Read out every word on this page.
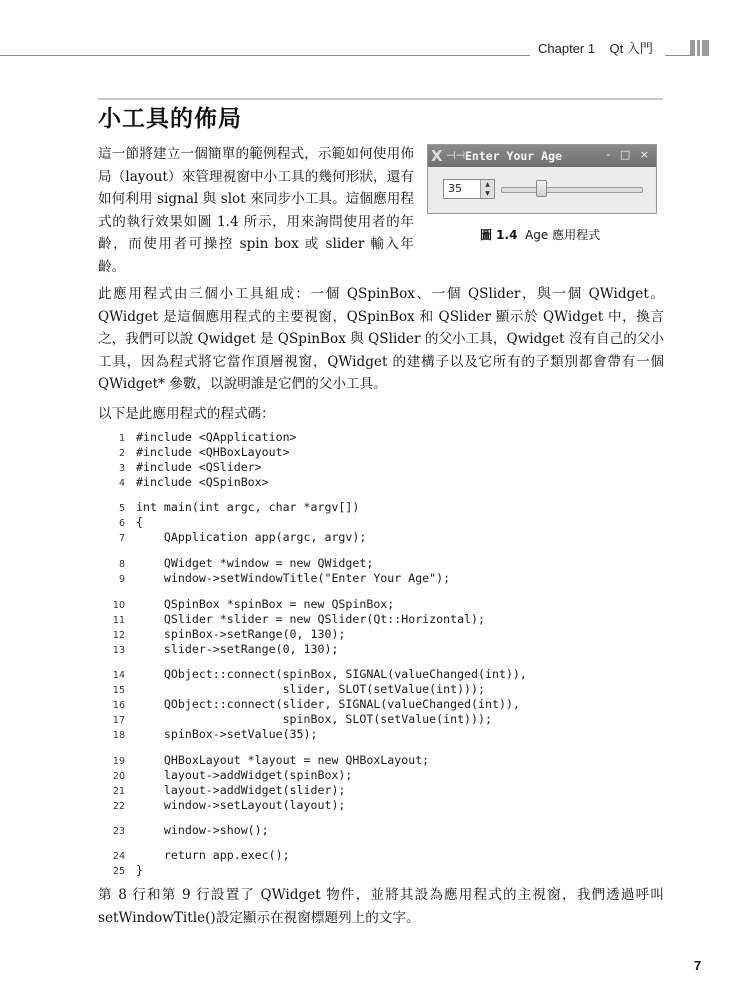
Chapter 1 Qt 入門
小工具的佈局
這一節將建立一個簡單的範例程式，示範如何使用佈局（layout）來管理視窗中小工具的幾何形狀，還有如何利用 signal 與 slot 來同步小工具。這個應用程式的執行效果如圖 1.4 所示，用來詢問使用者的年齡，而使用者可操控 spin box 或 slider 輸入年齡。
X ⊣⊣ Enter Your Age	- □ ×
35	▲
▼
圖 1.4 Age 應用程式
此應用程式由三個小工具組成：一個 QSpinBox、一個 QSlider，與一個 QWidget。QWidget 是這個應用程式的主要視窗，QSpinBox 和 QSlider 顯示於 QWidget 中，換言之，我們可以說 Qwidget 是 QSpinBox 與 QSlider 的父小工具，Qwidget 沒有自己的父小工具，因為程式將它當作頂層視窗，QWidget 的建構子以及它所有的子類別都會帶有一個 QWidget* 參數，以說明誰是它們的父小工具。
以下是此應用程式的程式碼：
1 #include <QApplication>
2 #include <QHBoxLayout>
3 #include <QSlider>
4 #include <QSpinBox>
5 int main(int argc, char *argv[])
6 {
7    QApplication app(argc, argv);
8    QWidget *window = new QWidget;
9    window->setWindowTitle("Enter Your Age");
10    QSpinBox *spinBox = new QSpinBox;
11    QSlider *slider = new QSlider(Qt::Horizontal);
12    spinBox->setRange(0, 130);
13    slider->setRange(0, 130);
14    QObject::connect(spinBox, SIGNAL(valueChanged(int)),
15                     slider, SLOT(setValue(int)));
16    QObject::connect(slider, SIGNAL(valueChanged(int)),
17                     spinBox, SLOT(setValue(int)));
18    spinBox->setValue(35);
19    QHBoxLayout *layout = new QHBoxLayout;
20    layout->addWidget(spinBox);
21    layout->addWidget(slider);
22    window->setLayout(layout);
23    window->show();
24    return app.exec();
25 }
第 8 行和第 9 行設置了 QWidget 物件，並將其設為應用程式的主視窗，我們透過呼叫 setWindowTitle()設定顯示在視窗標題列上的文字。
7
